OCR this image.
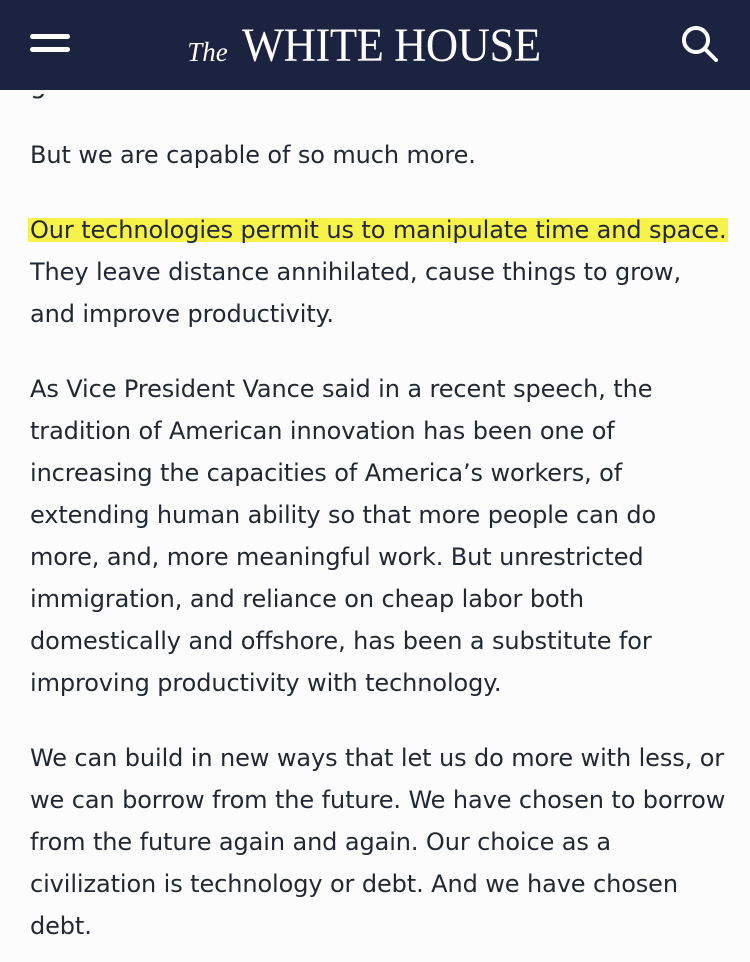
The WHITE HOUSE

But we are capable of so much more.

Our technologies permit us to manipulate time and space. They leave distance annihilated, cause things to grow, and improve productivity.

As Vice President Vance said in a recent speech, the tradition of American innovation has been one of increasing the capacities of America’s workers, of extending human ability so that more people can do more, and, more meaningful work. But unrestricted immigration, and reliance on cheap labor both domestically and offshore, has been a substitute for improving productivity with technology.

We can build in new ways that let us do more with less, or we can borrow from the future. We have chosen to borrow from the future again and again. Our choice as a civilization is technology or debt. And we have chosen debt.
